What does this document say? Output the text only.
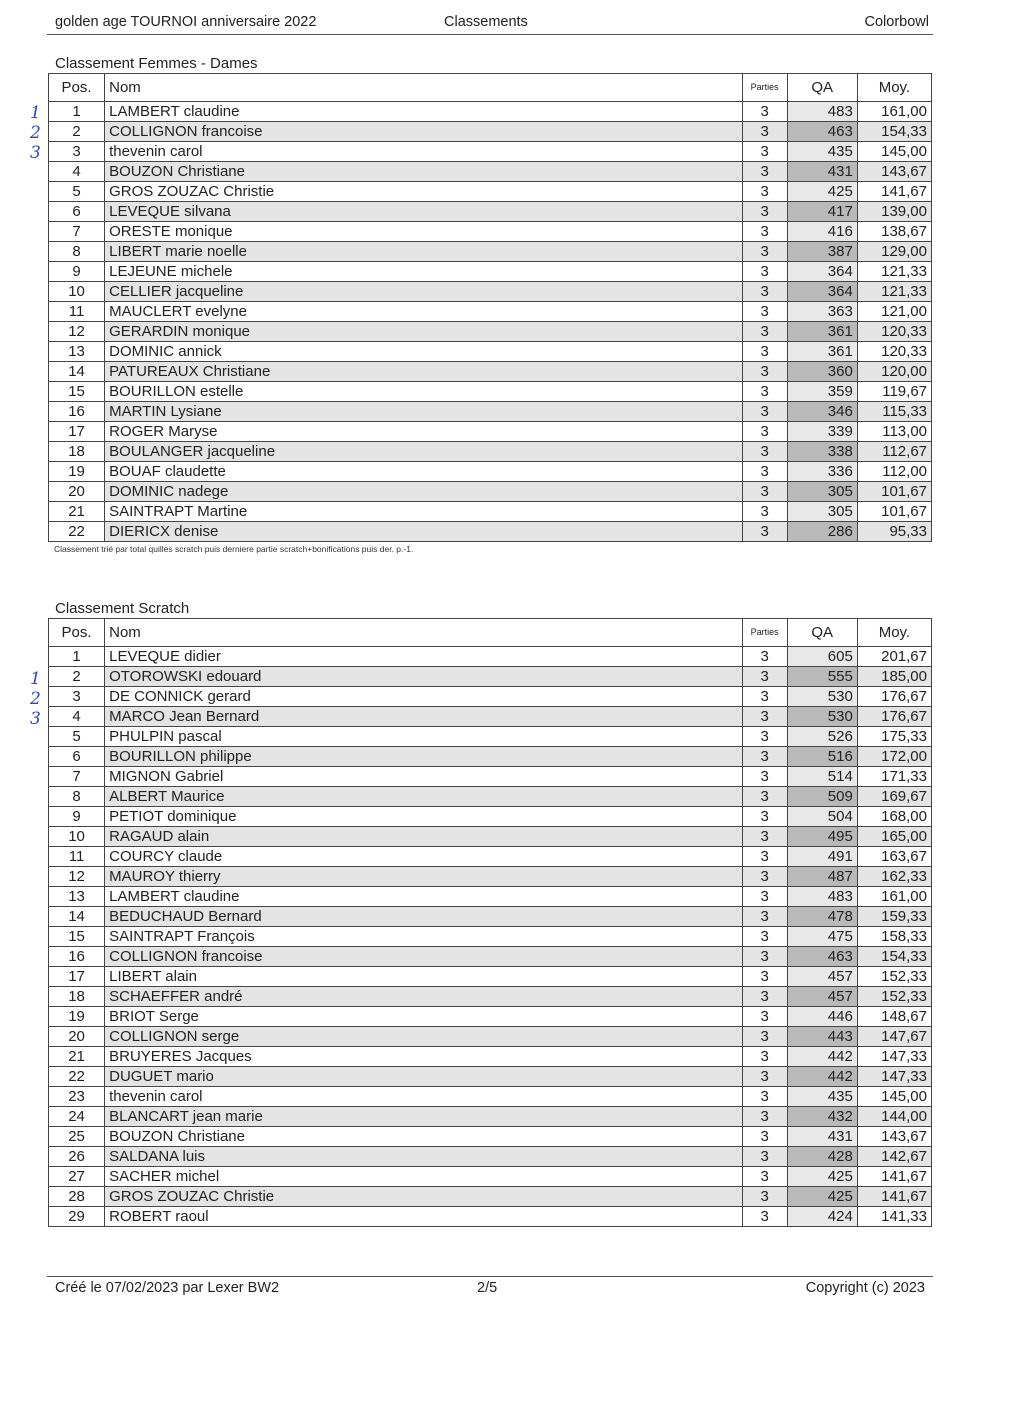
golden age TOURNOI anniversaire 2022	Classements	Colorbowl
Classement Femmes - Dames
Pos.	Nom	Parties	QA	Moy.
1	LAMBERT claudine	3	483	161,00
2	COLLIGNON francoise	3	463	154,33
3	thevenin carol	3	435	145,00
4	BOUZON Christiane	3	431	143,67
5	GROS ZOUZAC Christie	3	425	141,67
6	LEVEQUE silvana	3	417	139,00
7	ORESTE monique	3	416	138,67
8	LIBERT marie noelle	3	387	129,00
9	LEJEUNE michele	3	364	121,33
10	CELLIER jacqueline	3	364	121,33
11	MAUCLERT evelyne	3	363	121,00
12	GERARDIN monique	3	361	120,33
13	DOMINIC annick	3	361	120,33
14	PATUREAUX Christiane	3	360	120,00
15	BOURILLON estelle	3	359	119,67
16	MARTIN Lysiane	3	346	115,33
17	ROGER Maryse	3	339	113,00
18	BOULANGER jacqueline	3	338	112,67
19	BOUAF claudette	3	336	112,00
20	DOMINIC nadege	3	305	101,67
21	SAINTRAPT Martine	3	305	101,67
22	DIERICX denise	3	286	95,33
Classement trié par total quilles scratch puis derniere partie scratch+bonifications puis der. p.-1.
Classement Scratch
Pos.	Nom	Parties	QA	Moy.
1	LEVEQUE didier	3	605	201,67
2	OTOROWSKI edouard	3	555	185,00
3	DE CONNICK gerard	3	530	176,67
4	MARCO Jean Bernard	3	530	176,67
5	PHULPIN pascal	3	526	175,33
6	BOURILLON philippe	3	516	172,00
7	MIGNON Gabriel	3	514	171,33
8	ALBERT Maurice	3	509	169,67
9	PETIOT dominique	3	504	168,00
10	RAGAUD alain	3	495	165,00
11	COURCY claude	3	491	163,67
12	MAUROY thierry	3	487	162,33
13	LAMBERT claudine	3	483	161,00
14	BEDUCHAUD Bernard	3	478	159,33
15	SAINTRAPT François	3	475	158,33
16	COLLIGNON francoise	3	463	154,33
17	LIBERT alain	3	457	152,33
18	SCHAEFFER andré	3	457	152,33
19	BRIOT Serge	3	446	148,67
20	COLLIGNON serge	3	443	147,67
21	BRUYERES Jacques	3	442	147,33
22	DUGUET mario	3	442	147,33
23	thevenin carol	3	435	145,00
24	BLANCART jean marie	3	432	144,00
25	BOUZON Christiane	3	431	143,67
26	SALDANA luis	3	428	142,67
27	SACHER michel	3	425	141,67
28	GROS ZOUZAC Christie	3	425	141,67
29	ROBERT raoul	3	424	141,33
1
2
3
1
2
3
Créé le 07/02/2023 par Lexer BW2	2/5	Copyright (c) 2023
